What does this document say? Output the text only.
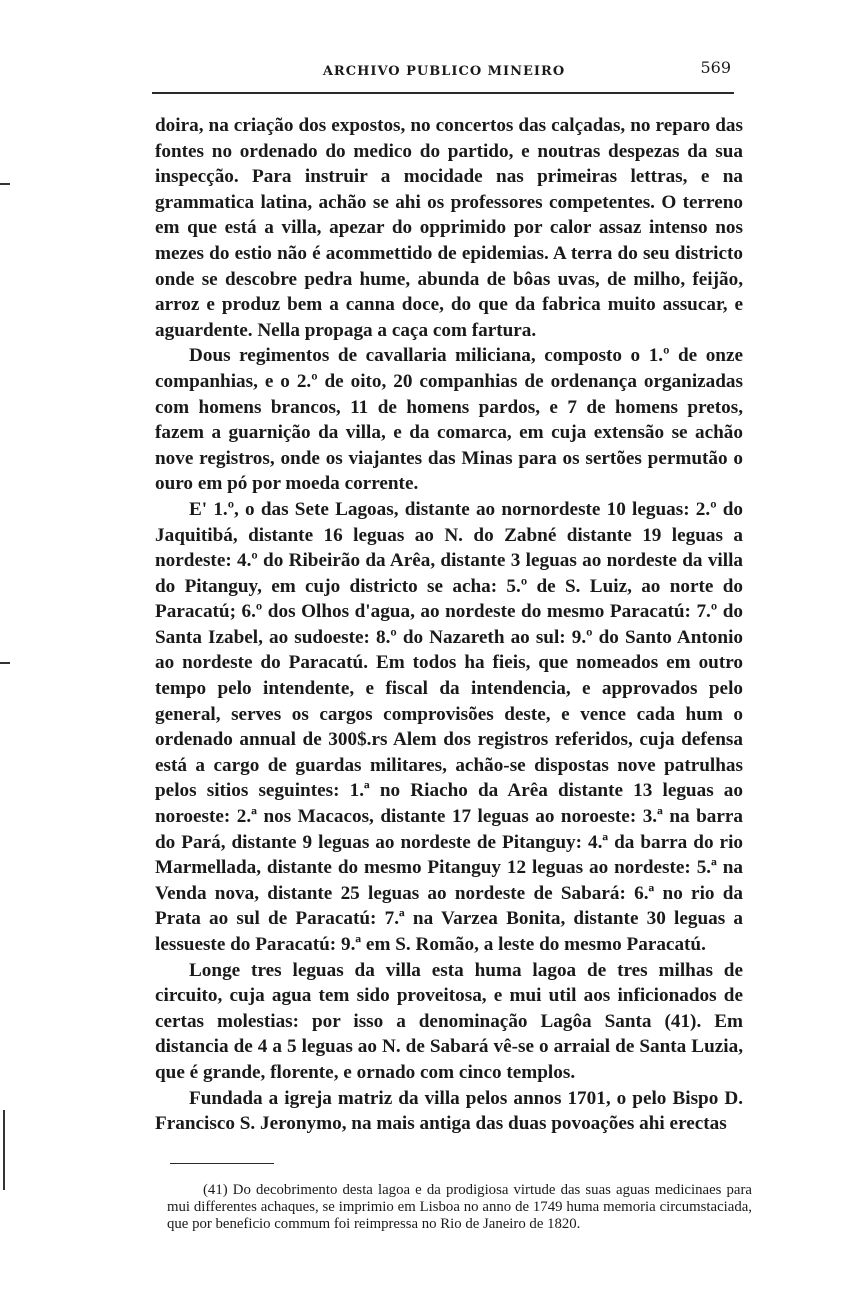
ARCHIVO PUBLICO MINEIRO	569

doira, na criação dos expostos, no concertos das calçadas, no reparo das fontes no ordenado do medico do partido, e noutras despezas da sua inspecção. Para instruir a mocidade nas primeiras lettras, e na grammatica latina, achão se ahi os professores competentes. O terreno em que está a villa, apezar do opprimido por calor assaz intenso nos mezes do estio não é acommettido de epidemias. A terra do seu districto onde se descobre pedra hume, abunda de bôas uvas, de milho, feijão, arroz e produz bem a canna doce, do que da fabrica muito assucar, e aguardente. Nella propaga a caça com fartura.

Dous regimentos de cavallaria miliciana, composto o 1.º de onze companhias, e o 2.º de oito, 20 companhias de ordenança organizadas com homens brancos, 11 de homens pardos, e 7 de homens pretos, fazem a guarnição da villa, e da comarca, em cuja extensão se achão nove registros, onde os viajantes das Minas para os sertões permutão o ouro em pó por moeda corrente.

E' 1.º, o das Sete Lagoas, distante ao nornordeste 10 leguas: 2.º do Jaquitibá, distante 16 leguas ao N. do Zabné distante 19 leguas a nordeste: 4.º do Ribeirão da Arêa, distante 3 leguas ao nordeste da villa do Pitanguy, em cujo districto se acha: 5.º de S. Luiz, ao norte do Paracatú; 6.º dos Olhos d'agua, ao nordeste do mesmo Paracatú: 7.º do Santa Izabel, ao sudoeste: 8.º do Nazareth ao sul: 9.º do Santo Antonio ao nordeste do Paracatú. Em todos ha fieis, que nomeados em outro tempo pelo intendente, e fiscal da intendencia, e approvados pelo general, serves os cargos comprovisões deste, e vence cada hum o ordenado annual de 300$.rs Alem dos registros referidos, cuja defensa está a cargo de guardas militares, achão-se dispostas nove patrulhas pelos sitios seguintes: 1.ª no Riacho da Arêa distante 13 leguas ao noroeste: 2.ª nos Macacos, distante 17 leguas ao noroeste: 3.ª na barra do Pará, distante 9 leguas ao nordeste de Pitanguy: 4.ª da barra do rio Marmellada, distante do mesmo Pitanguy 12 leguas ao nordeste: 5.ª na Venda nova, distante 25 leguas ao nordeste de Sabará: 6.ª no rio da Prata ao sul de Paracatú: 7.ª na Varzea Bonita, distante 30 leguas a lessueste do Paracatú: 9.ª em S. Romão, a leste do mesmo Paracatú.

Longe tres leguas da villa esta huma lagoa de tres milhas de circuito, cuja agua tem sido proveitosa, e mui util aos inficionados de certas molestias: por isso a denominação Lagôa Santa (41). Em distancia de 4 a 5 leguas ao N. de Sabará vê-se o arraial de Santa Luzia, que é grande, florente, e ornado com cinco templos.

Fundada a igreja matriz da villa pelos annos 1701, o pelo Bispo D. Francisco S. Jeronymo, na mais antiga das duas povoações ahi erectas

(41) Do decobrimento desta lagoa e da prodigiosa virtude das suas aguas medicinaes para mui differentes achaques, se imprimio em Lisboa no anno de 1749 huma memoria circumstaciada, que por beneficio commum foi reimpressa no Rio de Janeiro de 1820.
